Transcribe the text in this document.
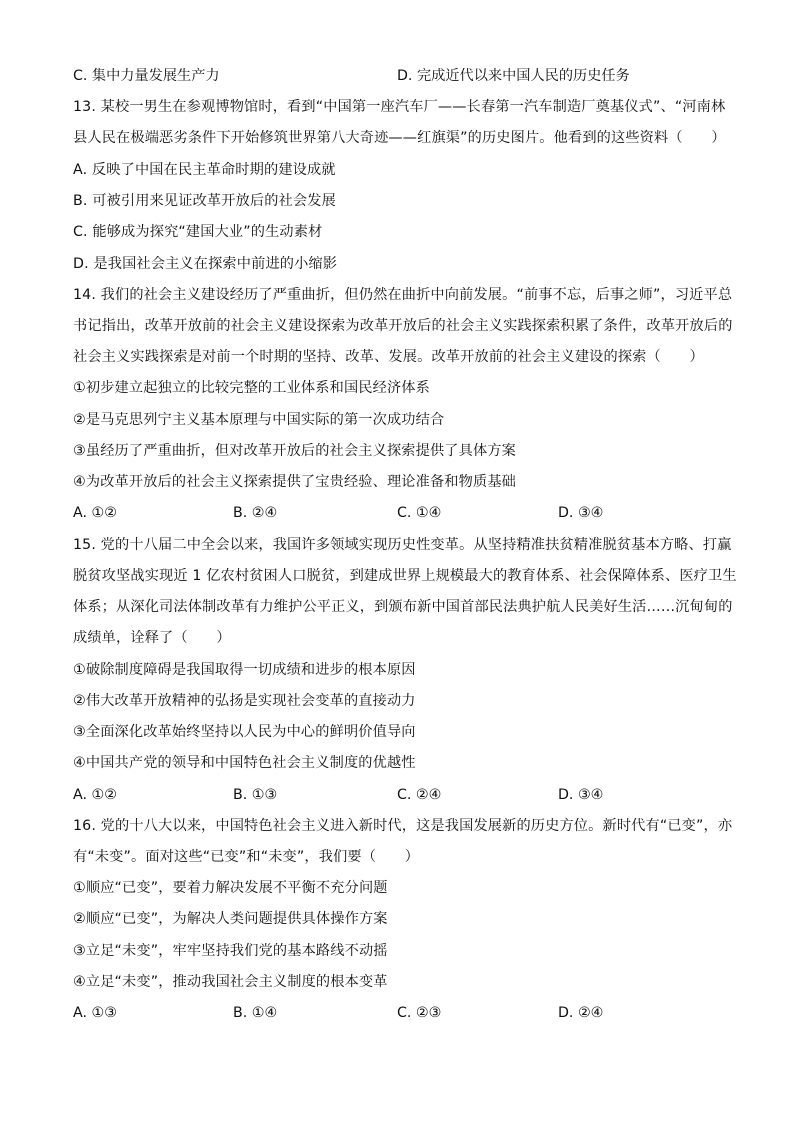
C. 集中力量发展生产力	D. 完成近代以来中国人民的历史任务
13. 某校一男生在参观博物馆时，看到“中国第一座汽车厂——长春第一汽车制造厂奠基仪式”、“河南林
县人民在极端恶劣条件下开始修筑世界第八大奇迹——红旗渠”的历史图片。他看到的这些资料（　　）
A. 反映了中国在民主革命时期的建设成就
B. 可被引用来见证改革开放后的社会发展
C. 能够成为探究“建国大业”的生动素材
D. 是我国社会主义在探索中前进的小缩影
14. 我们的社会主义建设经历了严重曲折，但仍然在曲折中向前发展。“前事不忘，后事之师”，习近平总
书记指出，改革开放前的社会主义建设探索为改革开放后的社会主义实践探索积累了条件，改革开放后的
社会主义实践探索是对前一个时期的坚持、改革、发展。改革开放前的社会主义建设的探索（　　）
①初步建立起独立的比较完整的工业体系和国民经济体系
②是马克思列宁主义基本原理与中国实际的第一次成功结合
③虽经历了严重曲折，但对改革开放后的社会主义探索提供了具体方案
④为改革开放后的社会主义探索提供了宝贵经验、理论准备和物质基础
A. ①②	B. ②④	C. ①④	D. ③④
15. 党的十八届二中全会以来，我国许多领域实现历史性变革。从坚持精准扶贫精准脱贫基本方略、打赢
脱贫攻坚战实现近 1 亿农村贫困人口脱贫，到建成世界上规模最大的教育体系、社会保障体系、医疗卫生
体系；从深化司法体制改革有力维护公平正义，到颁布新中国首部民法典护航人民美好生活……沉甸甸的
成绩单，诠释了（　　）
①破除制度障碍是我国取得一切成绩和进步的根本原因
②伟大改革开放精神的弘扬是实现社会变革的直接动力
③全面深化改革始终坚持以人民为中心的鲜明价值导向
④中国共产党的领导和中国特色社会主义制度的优越性
A. ①②	B. ①③	C. ②④	D. ③④
16. 党的十八大以来，中国特色社会主义进入新时代，这是我国发展新的历史方位。新时代有“已变”，亦
有“未变”。面对这些“已变”和“未变”，我们要（　　）
①顺应“已变”，要着力解决发展不平衡不充分问题
②顺应“已变”，为解决人类问题提供具体操作方案
③立足“未变”，牢牢坚持我们党的基本路线不动摇
④立足“未变”，推动我国社会主义制度的根本变革
A. ①③	B. ①④	C. ②③	D. ②④
